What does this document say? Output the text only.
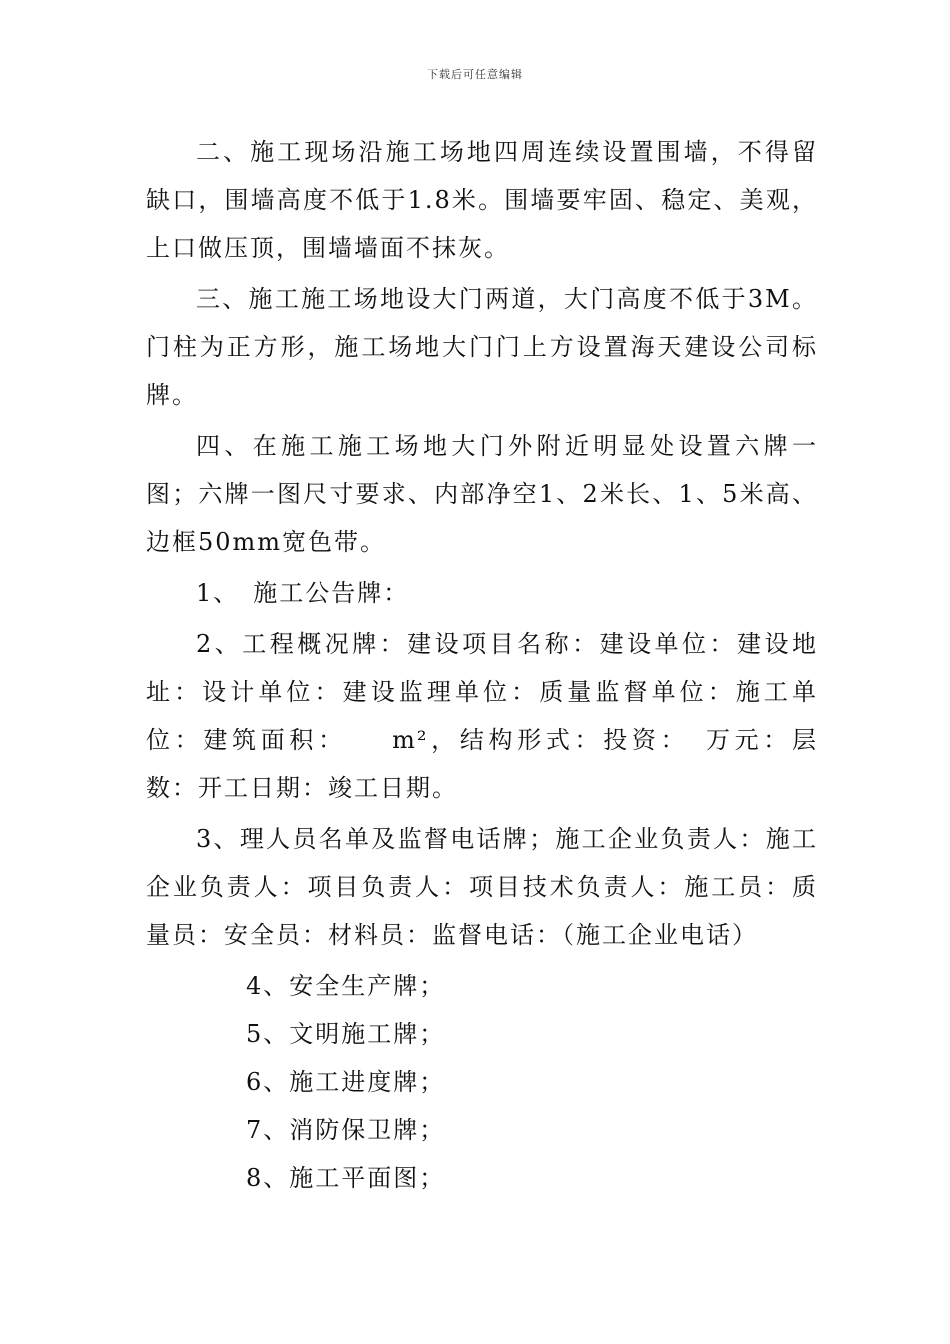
下载后可任意编辑

二、施工现场沿施工场地四周连续设置围墙，不得留缺口，围墙高度不低于1.8米。围墙要牢固、稳定、美观，上口做压顶，围墙墙面不抹灰。

三、施工施工场地设大门两道，大门高度不低于3M。门柱为正方形，施工场地大门门上方设置海天建设公司标牌。

四、在施工施工场地大门外附近明显处设置六牌一图；六牌一图尺寸要求、内部净空1、2米长、1、5米高、边框50mm宽色带。

1、　施工公告牌：

2、工程概况牌：建设项目名称：建设单位：建设地址：设计单位：建设监理单位：质量监督单位：施工单位：建筑面积：　　m²，结构形式：投资：　万元：层　数：开工日期：竣工日期。

3、理人员名单及监督电话牌；施工企业负责人：施工企业负责人：项目负责人：项目技术负责人：施工员：质量员：安全员：材料员：监督电话：（施工企业电话）

4、安全生产牌；

5、文明施工牌；

6、施工进度牌；

7、消防保卫牌；

8、施工平面图；
